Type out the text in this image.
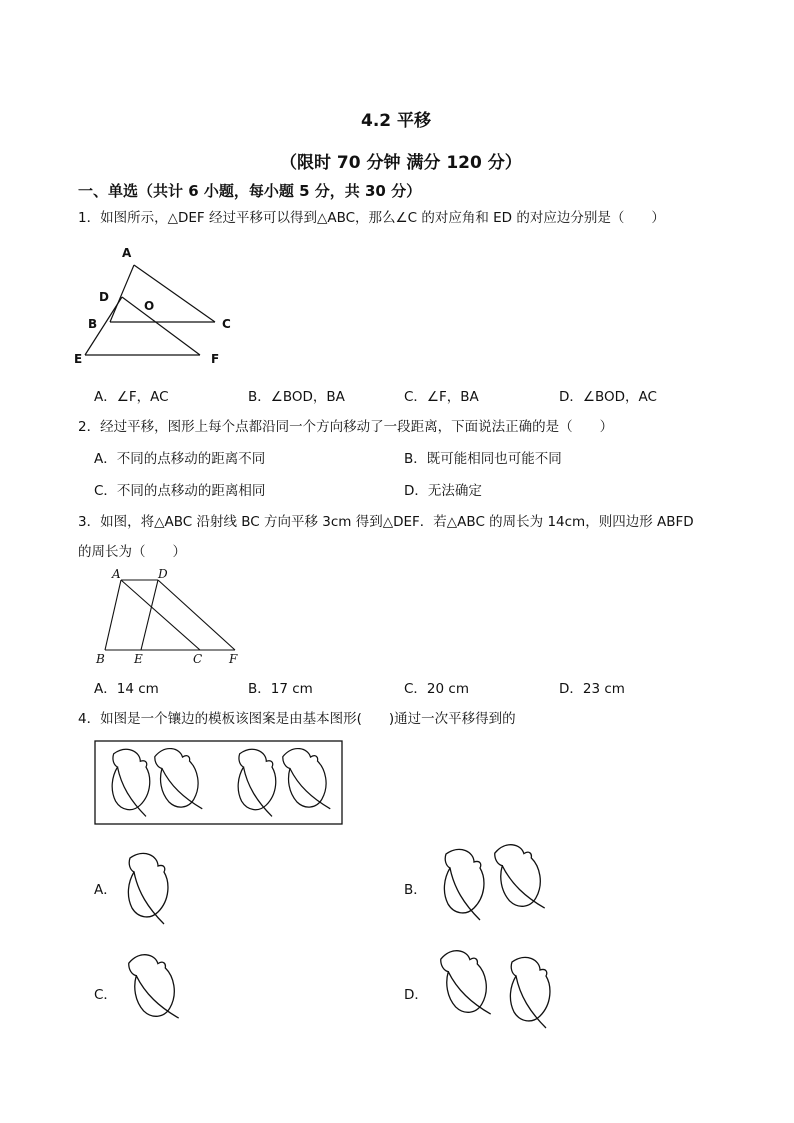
4.2 平移
（限时 70 分钟 满分 120 分）
一、单选（共计 6 小题，每小题 5 分，共 30 分）
1．如图所示，△DEF 经过平移可以得到△ABC，那么∠C 的对应角和 ED 的对应边分别是（　　）
A
D
O
B	C
E	F
A．∠F，AC	B．∠BOD，BA	C．∠F，BA	D．∠BOD，AC
2．经过平移，图形上每个点都沿同一个方向移动了一段距离，下面说法正确的是（　　）
A．不同的点移动的距离不同	B．既可能相同也可能不同
C．不同的点移动的距离相同	D．无法确定
3．如图，将△ABC 沿射线 BC 方向平移 3cm 得到△DEF．若△ABC 的周长为 14cm，则四边形 ABFD
的周长为（　　）
A	D
B E	C F
A．14 cm	B．17 cm	C．20 cm	D．23 cm
4．如图是一个镶边的模板该图案是由基本图形(　　)通过一次平移得到的
A．	B．
C．	D．
